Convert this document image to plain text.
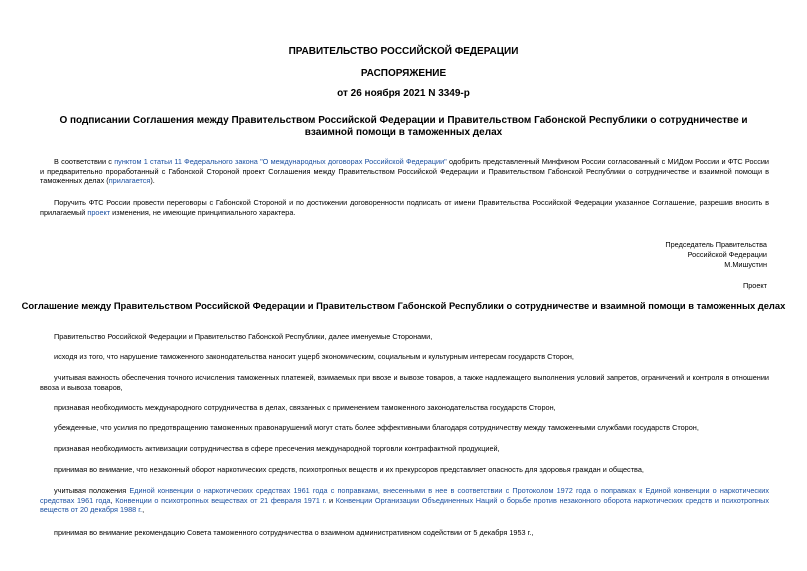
ПРАВИТЕЛЬСТВО РОССИЙСКОЙ ФЕДЕРАЦИИ
РАСПОРЯЖЕНИЕ
от 26 ноября 2021 N 3349-р
О подписании Соглашения между Правительством Российской Федерации и Правительством Габонской Республики о сотрудничестве и взаимной помощи в таможенных делах
В соответствии с пунктом 1 статьи 11 Федерального закона "О международных договорах Российской Федерации" одобрить представленный Минфином России согласованный с МИДом России и ФТС России и предварительно проработанный с Габонской Стороной проект Соглашения между Правительством Российской Федерации и Правительством Габонской Республики о сотрудничестве и взаимной помощи в таможенных делах (прилагается).
Поручить ФТС России провести переговоры с Габонской Стороной и по достижении договоренности подписать от имени Правительства Российской Федерации указанное Соглашение, разрешив вносить в прилагаемый проект изменения, не имеющие принципиального характера.
Председатель Правительства
Российской Федерации
М.Мишустин
Проект
Соглашение между Правительством Российской Федерации и Правительством Габонской Республики о сотрудничестве и взаимной помощи в таможенных делах
Правительство Российской Федерации и Правительство Габонской Республики, далее именуемые Сторонами,
исходя из того, что нарушение таможенного законодательства наносит ущерб экономическим, социальным и культурным интересам государств Сторон,
учитывая важность обеспечения точного исчисления таможенных платежей, взимаемых при ввозе и вывозе товаров, а также надлежащего выполнения условий запретов, ограничений и контроля в отношении ввоза и вывоза товаров,
признавая необходимость международного сотрудничества в делах, связанных с применением таможенного законодательства государств Сторон,
убежденные, что усилия по предотвращению таможенных правонарушений могут стать более эффективными благодаря сотрудничеству между таможенными службами государств Сторон,
признавая необходимость активизации сотрудничества в сфере пресечения международной торговли контрафактной продукцией,
принимая во внимание, что незаконный оборот наркотических средств, психотропных веществ и их прекурсоров представляет опасность для здоровья граждан и общества,
учитывая положения Единой конвенции о наркотических средствах 1961 года с поправками, внесенными в нее в соответствии с Протоколом 1972 года о поправках к Единой конвенции о наркотических средствах 1961 года, Конвенции о психотропных веществах от 21 февраля 1971 г. и Конвенции Организации Объединенных Наций о борьбе против незаконного оборота наркотических средств и психотропных веществ от 20 декабря 1988 г.,
принимая во внимание рекомендацию Совета таможенного сотрудничества о взаимном административном содействии от 5 декабря 1953 г.,
